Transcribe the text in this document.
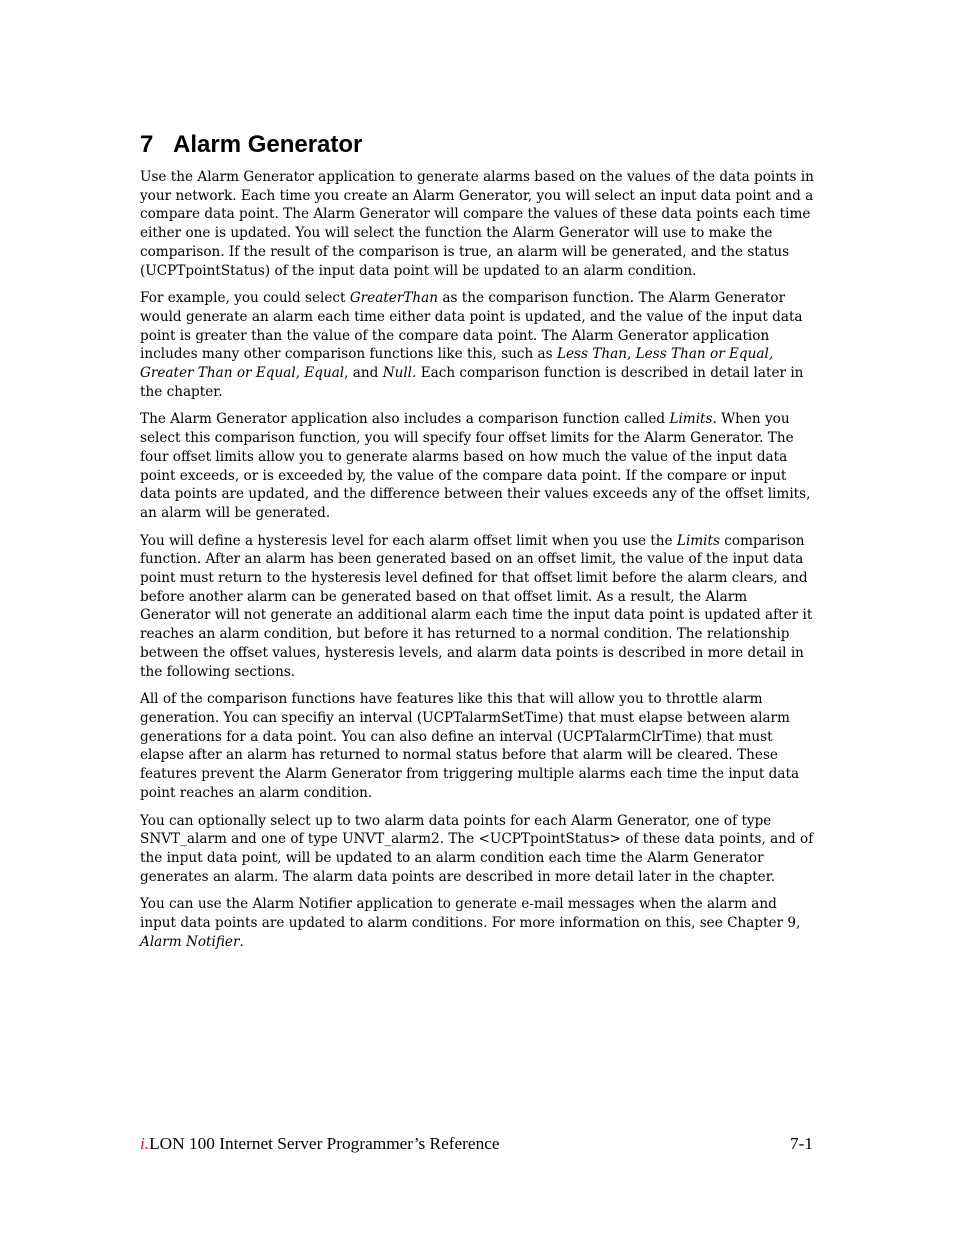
7 Alarm Generator

Use the Alarm Generator application to generate alarms based on the values of the data points in your network. Each time you create an Alarm Generator, you will select an input data point and a compare data point. The Alarm Generator will compare the values of these data points each time either one is updated. You will select the function the Alarm Generator will use to make the comparison. If the result of the comparison is true, an alarm will be generated, and the status (UCPTpointStatus) of the input data point will be updated to an alarm condition.

For example, you could select GreaterThan as the comparison function. The Alarm Generator would generate an alarm each time either data point is updated, and the value of the input data point is greater than the value of the compare data point. The Alarm Generator application includes many other comparison functions like this, such as Less Than, Less Than or Equal, Greater Than or Equal, Equal, and Null. Each comparison function is described in detail later in the chapter.

The Alarm Generator application also includes a comparison function called Limits. When you select this comparison function, you will specify four offset limits for the Alarm Generator. The four offset limits allow you to generate alarms based on how much the value of the input data point exceeds, or is exceeded by, the value of the compare data point. If the compare or input data points are updated, and the difference between their values exceeds any of the offset limits, an alarm will be generated.

You will define a hysteresis level for each alarm offset limit when you use the Limits comparison function. After an alarm has been generated based on an offset limit, the value of the input data point must return to the hysteresis level defined for that offset limit before the alarm clears, and before another alarm can be generated based on that offset limit. As a result, the Alarm Generator will not generate an additional alarm each time the input data point is updated after it reaches an alarm condition, but before it has returned to a normal condition. The relationship between the offset values, hysteresis levels, and alarm data points is described in more detail in the following sections.

All of the comparison functions have features like this that will allow you to throttle alarm generation. You can specifiy an interval (UCPTalarmSetTime) that must elapse between alarm generations for a data point. You can also define an interval (UCPTalarmClrTime) that must elapse after an alarm has returned to normal status before that alarm will be cleared. These features prevent the Alarm Generator from triggering multiple alarms each time the input data point reaches an alarm condition.

You can optionally select up to two alarm data points for each Alarm Generator, one of type SNVT_alarm and one of type UNVT_alarm2. The <UCPTpointStatus> of these data points, and of the input data point, will be updated to an alarm condition each time the Alarm Generator generates an alarm. The alarm data points are described in more detail later in the chapter.

You can use the Alarm Notifier application to generate e-mail messages when the alarm and input data points are updated to alarm conditions. For more information on this, see Chapter 9, Alarm Notifier.

i.LON 100 Internet Server Programmer’s Reference	7-1
